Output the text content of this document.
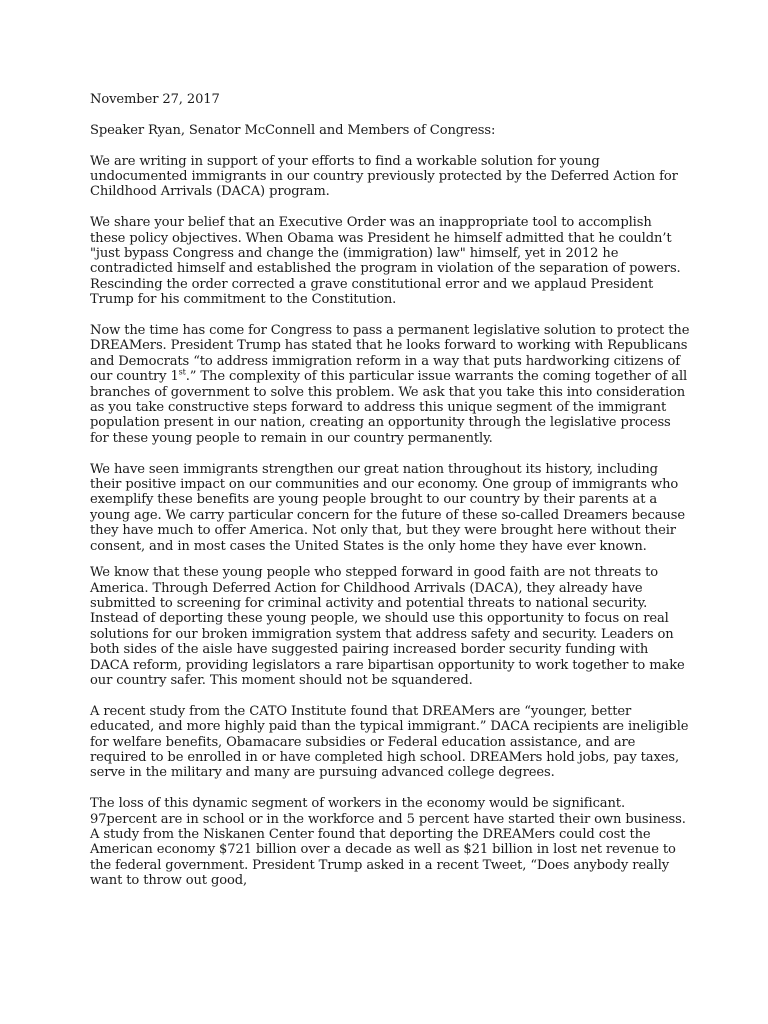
November 27, 2017

Speaker Ryan, Senator McConnell and Members of Congress:

We are writing in support of your efforts to find a workable solution for young undocumented immigrants in our country previously protected by the Deferred Action for Childhood Arrivals (DACA) program.

We share your belief that an Executive Order was an inappropriate tool to accomplish these policy objectives. When Obama was President he himself admitted that he couldn’t "just bypass Congress and change the (immigration) law" himself, yet in 2012 he contradicted himself and established the program in violation of the separation of powers. Rescinding the order corrected a grave constitutional error and we applaud President Trump for his commitment to the Constitution.

Now the time has come for Congress to pass a permanent legislative solution to protect the DREAMers. President Trump has stated that he looks forward to working with Republicans and Democrats “to address immigration reform in a way that puts hardworking citizens of our country 1st.” The complexity of this particular issue warrants the coming together of all branches of government to solve this problem. We ask that you take this into consideration as you take constructive steps forward to address this unique segment of the immigrant population present in our nation, creating an opportunity through the legislative process for these young people to remain in our country permanently.

We have seen immigrants strengthen our great nation throughout its history, including their positive impact on our communities and our economy. One group of immigrants who exemplify these benefits are young people brought to our country by their parents at a young age. We carry particular concern for the future of these so-called Dreamers because they have much to offer America. Not only that, but they were brought here without their consent, and in most cases the United States is the only home they have ever known.

We know that these young people who stepped forward in good faith are not threats to America. Through Deferred Action for Childhood Arrivals (DACA), they already have submitted to screening for criminal activity and potential threats to national security. Instead of deporting these young people, we should use this opportunity to focus on real solutions for our broken immigration system that address safety and security. Leaders on both sides of the aisle have suggested pairing increased border security funding with DACA reform, providing legislators a rare bipartisan opportunity to work together to make our country safer. This moment should not be squandered.

A recent study from the CATO Institute found that DREAMers are “younger, better educated, and more highly paid than the typical immigrant.” DACA recipients are ineligible for welfare benefits, Obamacare subsidies or Federal education assistance, and are required to be enrolled in or have completed high school. DREAMers hold jobs, pay taxes, serve in the military and many are pursuing advanced college degrees.

The loss of this dynamic segment of workers in the economy would be significant. 97percent are in school or in the workforce and 5 percent have started their own business. A study from the Niskanen Center found that deporting the DREAMers could cost the American economy $721 billion over a decade as well as $21 billion in lost net revenue to the federal government. President Trump asked in a recent Tweet, “Does anybody really want to throw out good,
